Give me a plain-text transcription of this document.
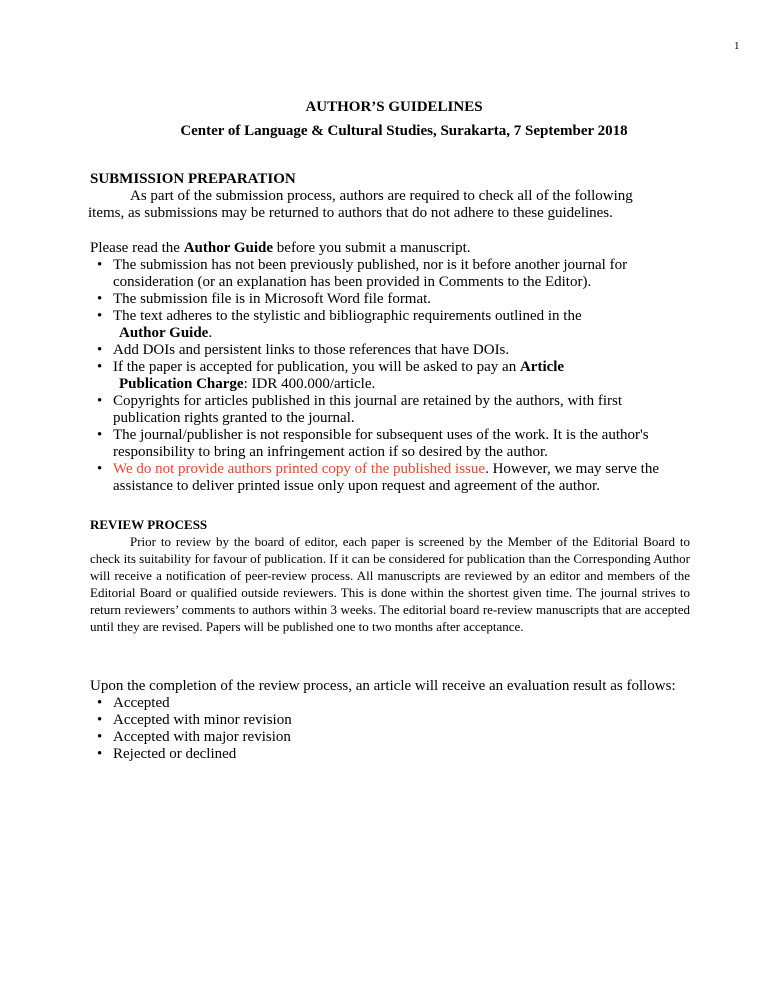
1
AUTHOR’S GUIDELINES
Center of Language & Cultural Studies, Surakarta, 7 September 2018
SUBMISSION PREPARATION
As part of the submission process, authors are required to check all of the following
items, as submissions may be returned to authors that do not adhere to these guidelines.
Please read the Author Guide before you submit a manuscript.
• The submission has not been previously published, nor is it before another journal for consideration (or an explanation has been provided in Comments to the Editor).
• The submission file is in Microsoft Word file format.
• The text adheres to the stylistic and bibliographic requirements outlined in the
Author Guide.
• Add DOIs and persistent links to those references that have DOIs.
• If the paper is accepted for publication, you will be asked to pay an Article
Publication Charge: IDR 400.000/article.
• Copyrights for articles published in this journal are retained by the authors, with first publication rights granted to the journal.
• The journal/publisher is not responsible for subsequent uses of the work. It is the author's responsibility to bring an infringement action if so desired by the author.
• We do not provide authors printed copy of the published issue. However, we may serve the assistance to deliver printed issue only upon request and agreement of the author.
REVIEW PROCESS

Prior to review by the board of editor, each paper is screened by the Member of the Editorial Board to check its suitability for favour of publication. If it can be considered for publication than the Corresponding Author will receive a notification of peer-review process. All manuscripts are reviewed by an editor and members of the Editorial Board or qualified outside reviewers. This is done within the shortest given time. The journal strives to return reviewers’ comments to authors within 3 weeks. The editorial board re-review manuscripts that are accepted until they are revised. Papers will be published one to two months after acceptance.

Upon the completion of the review process, an article will receive an evaluation result as follows:
• Accepted
• Accepted with minor revision
• Accepted with major revision
• Rejected or declined
